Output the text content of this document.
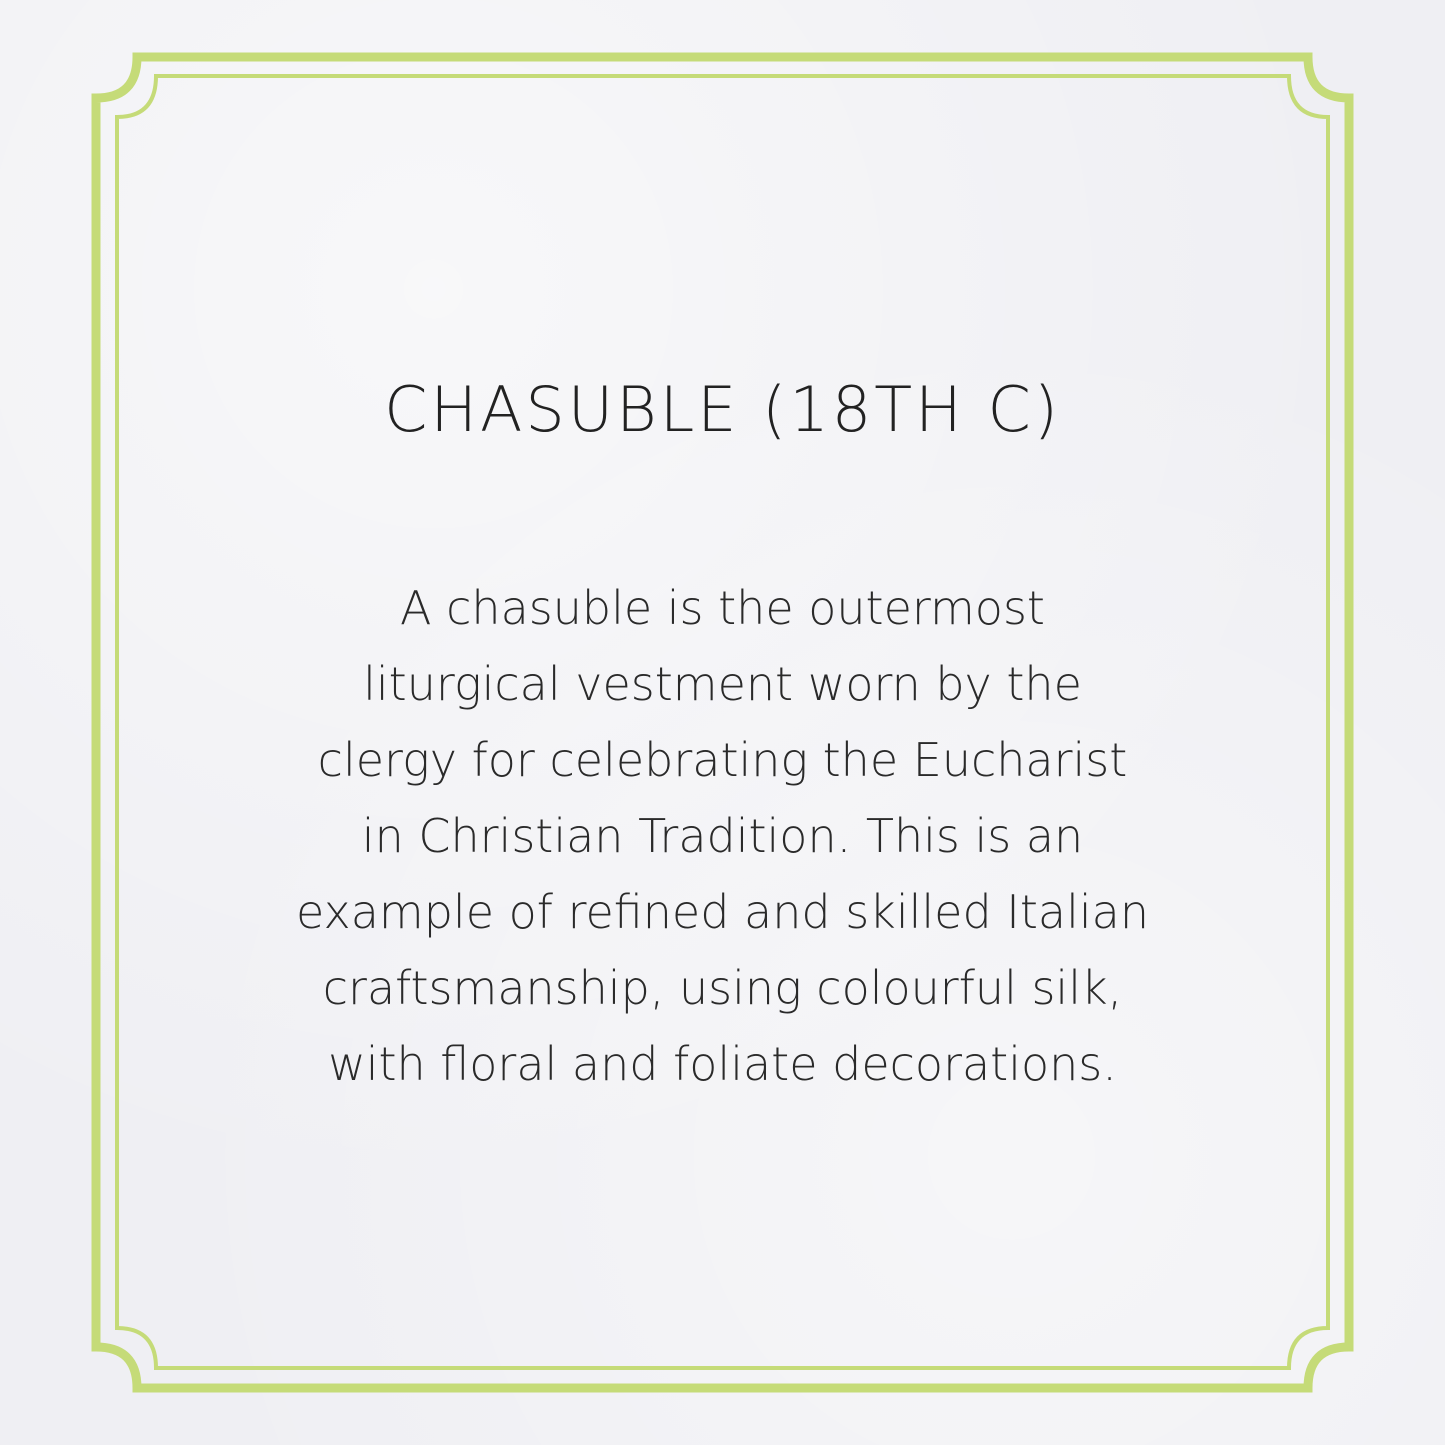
CHASUBLE (18TH C)

A chasuble is the outermost
liturgical vestment worn by the
clergy for celebrating the Eucharist
in Christian Tradition. This is an
example of refined and skilled Italian
craftsmanship, using colourful silk,
with floral and foliate decorations.
